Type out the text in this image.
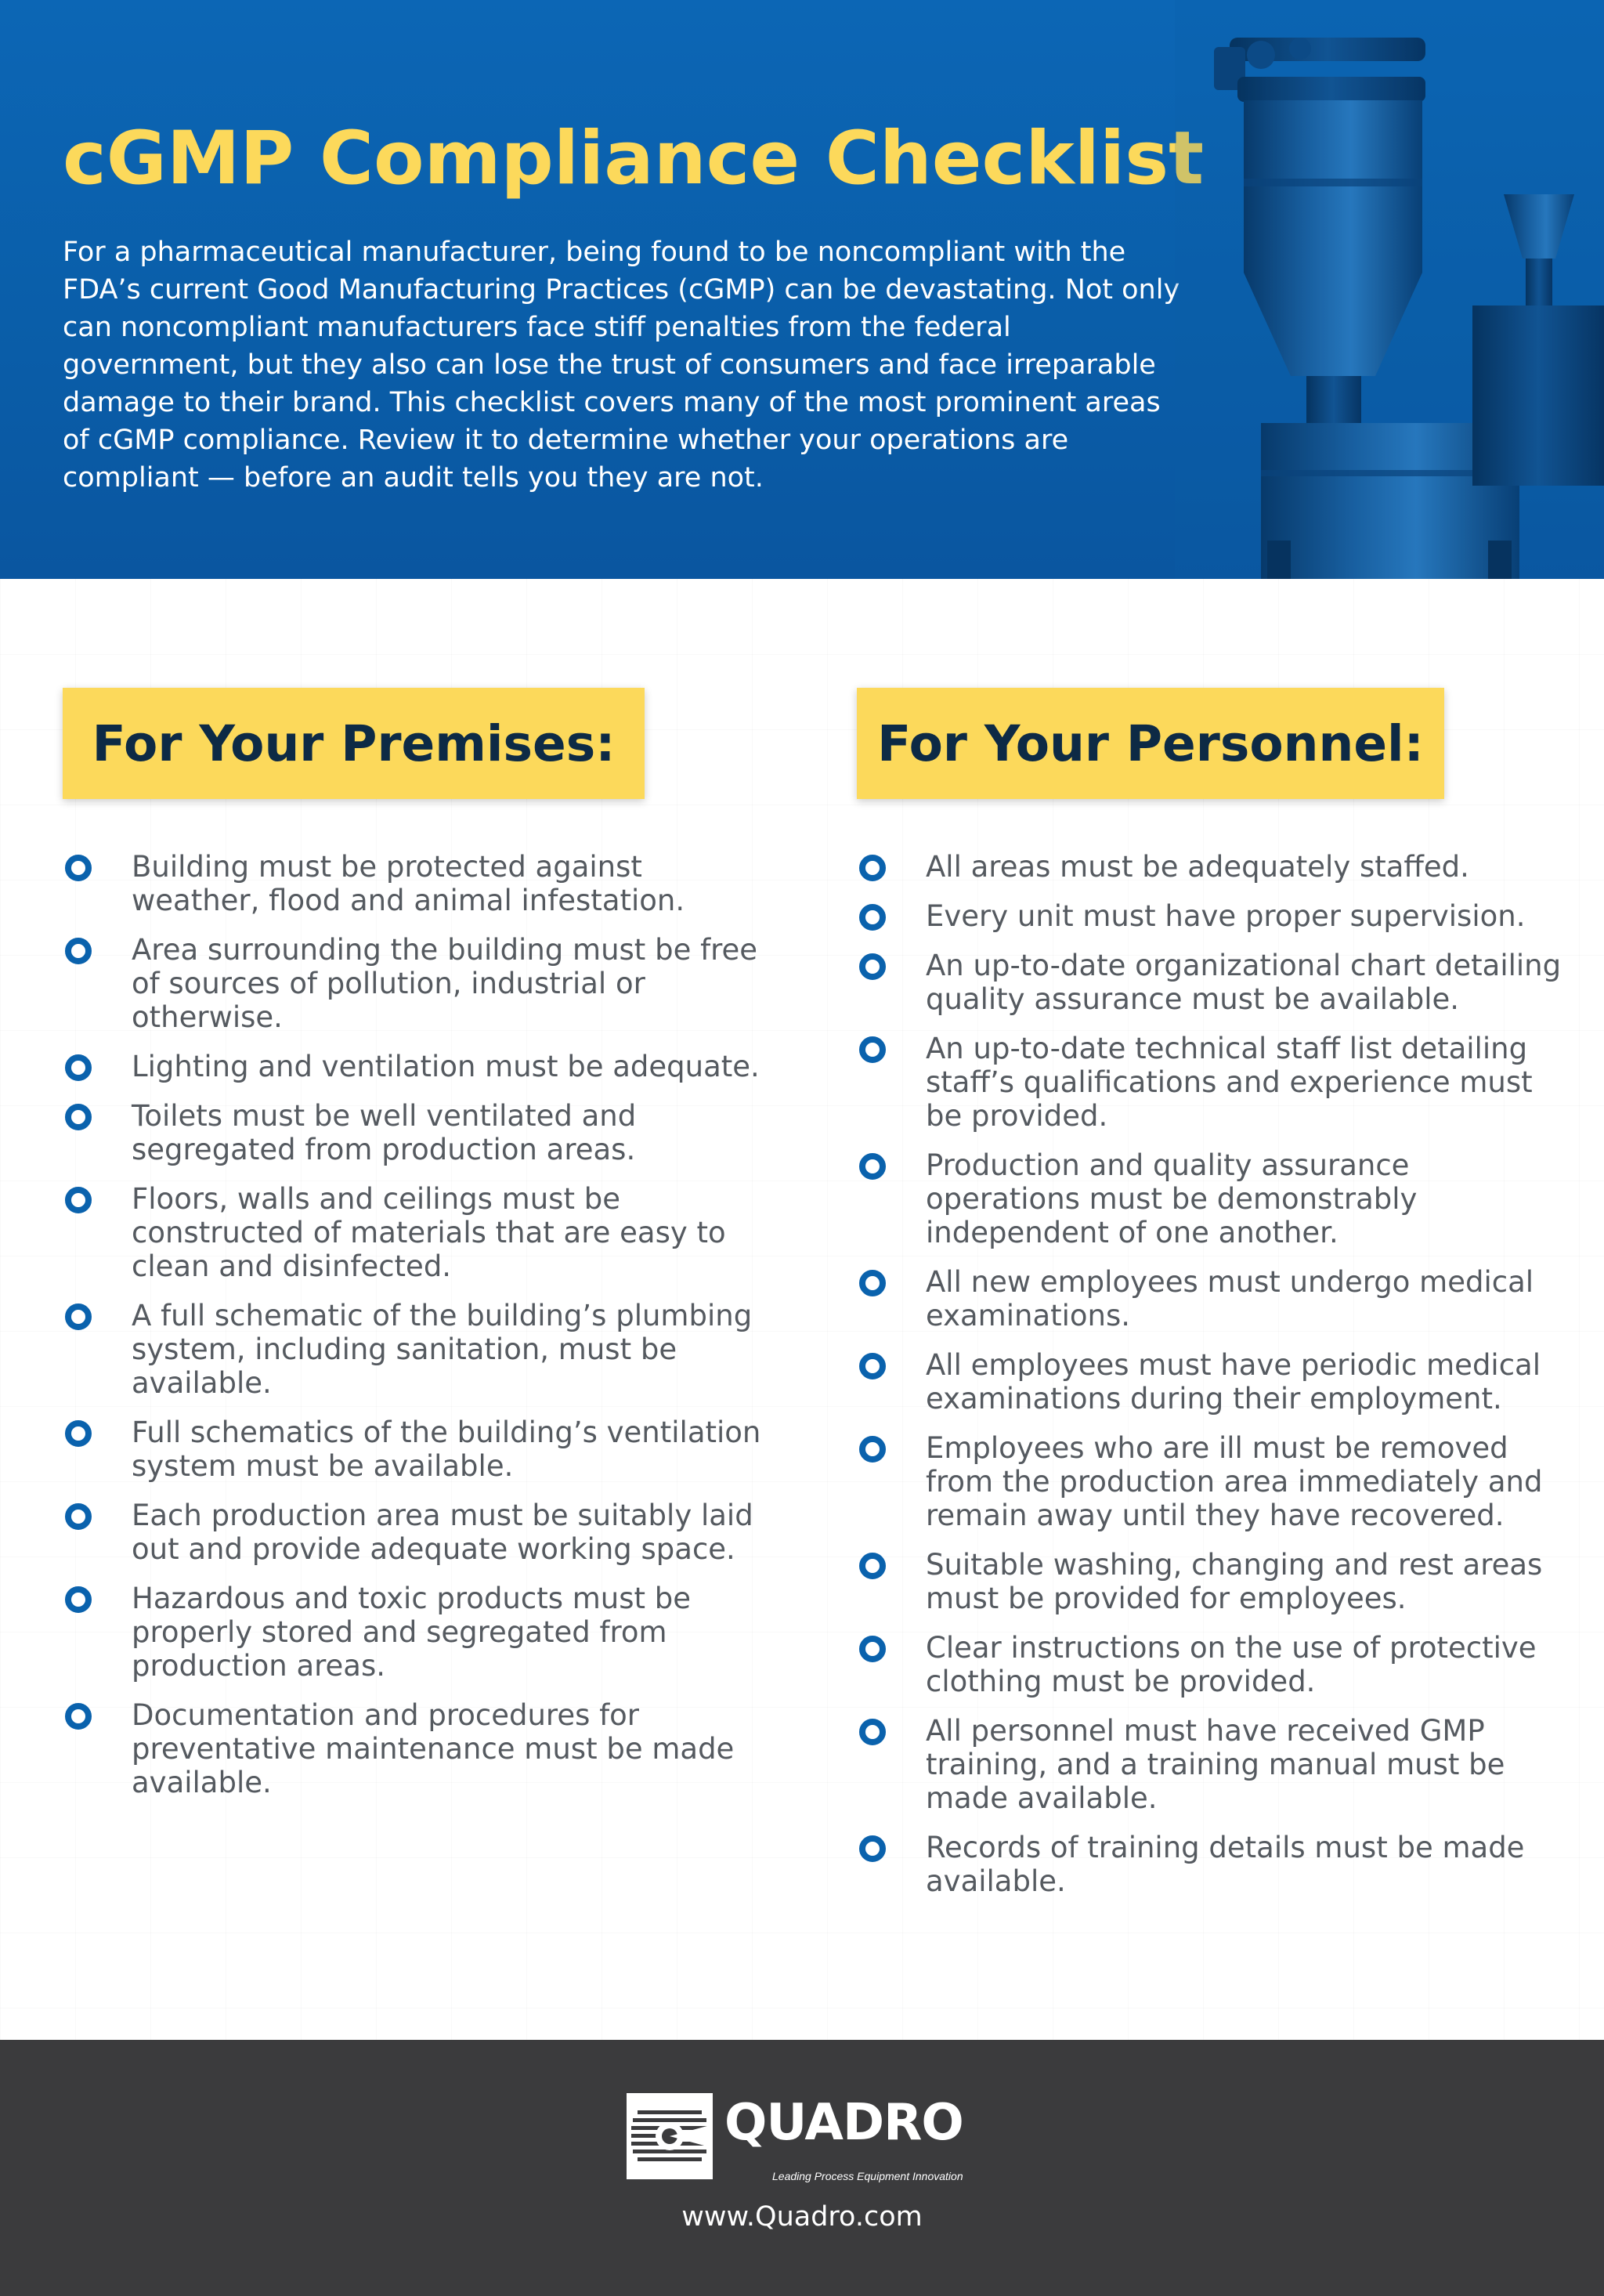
cGMP Compliance Checklist

For a pharmaceutical manufacturer, being found to be noncompliant with the FDA’s current Good Manufacturing Practices (cGMP) can be devastating. Not only can noncompliant manufacturers face stiff penalties from the federal government, but they also can lose the trust of consumers and face irreparable damage to their brand. This checklist covers many of the most prominent areas of cGMP compliance. Review it to determine whether your operations are compliant — before an audit tells you they are not.

For Your Premises:	For Your Personnel:
Building must be protected against weather, flood and animal infestation.
Area surrounding the building must be free of sources of pollution, industrial or otherwise.
Lighting and ventilation must be adequate.
Toilets must be well ventilated and segregated from production areas.
Floors, walls and ceilings must be constructed of materials that are easy to clean and disinfected.
A full schematic of the building’s plumbing system, including sanitation, must be available.
Full schematics of the building’s ventilation system must be available.
Each production area must be suitably laid out and provide adequate working space.
Hazardous and toxic products must be properly stored and segregated from production areas.
Documentation and procedures for preventative maintenance must be made available.
All areas must be adequately staffed.
Every unit must have proper supervision.
An up-to-date organizational chart detailing quality assurance must be available.
An up-to-date technical staff list detailing staff’s qualifications and experience must be provided.
Production and quality assurance operations must be demonstrably independent of one another.
All new employees must undergo medical examinations.
All employees must have periodic medical examinations during their employment.
Employees who are ill must be removed from the production area immediately and remain away until they have recovered.
Suitable washing, changing and rest areas must be provided for employees.
Clear instructions on the use of protective clothing must be provided.
All personnel must have received GMP training, and a training manual must be made available.
Records of training details must be made available.
QUADRO
Leading Process Equipment Innovation
www.Quadro.com
